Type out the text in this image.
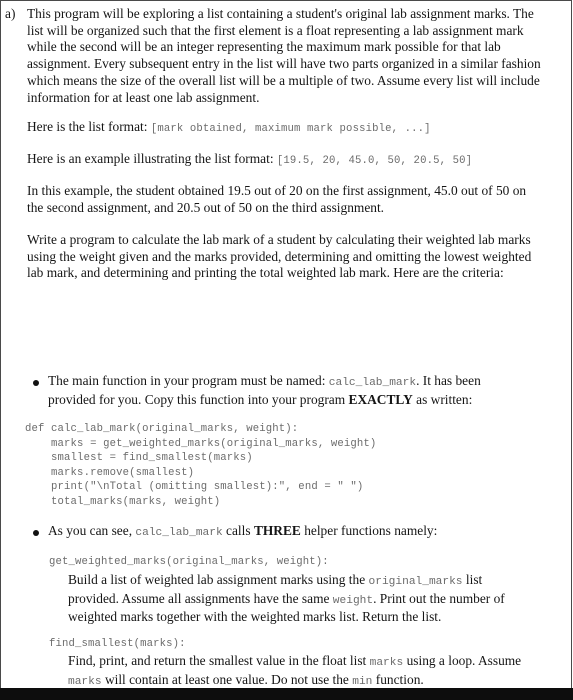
a) This program will be exploring a list containing a student's original lab assignment marks. The list will be organized such that the first element is a float representing a lab assignment mark while the second will be an integer representing the maximum mark possible for that lab assignment. Every subsequent entry in the list will have two parts organized in a similar fashion which means the size of the overall list will be a multiple of two. Assume every list will include information for at least one lab assignment.
Here is the list format: [mark obtained, maximum mark possible, ...]
Here is an example illustrating the list format: [19.5, 20, 45.0, 50, 20.5, 50]
In this example, the student obtained 19.5 out of 20 on the first assignment, 45.0 out of 50 on the second assignment, and 20.5 out of 50 on the third assignment.
Write a program to calculate the lab mark of a student by calculating their weighted lab marks using the weight given and the marks provided, determining and omitting the lowest weighted lab mark, and determining and printing the total weighted lab mark. Here are the criteria:
The main function in your program must be named: calc_lab_mark. It has been provided for you. Copy this function into your program EXACTLY as written:

def calc_lab_mark(original_marks, weight):

marks = get_weighted_marks(original_marks, weight)

smallest = find_smallest(marks)

marks.remove(smallest)

print("\nTotal (omitting smallest):", end = " ")

total_marks(marks, weight)

As you can see, calc_lab_mark calls THREE helper functions namely:
get_weighted_marks(original_marks, weight):
Build a list of weighted lab assignment marks using the original_marks list provided. Assume all assignments have the same weight. Print out the number of weighted marks together with the weighted marks list. Return the list.
find_smallest(marks):
Find, print, and return the smallest value in the float list marks using a loop. Assume marks will contain at least one value. Do not use the min function.
